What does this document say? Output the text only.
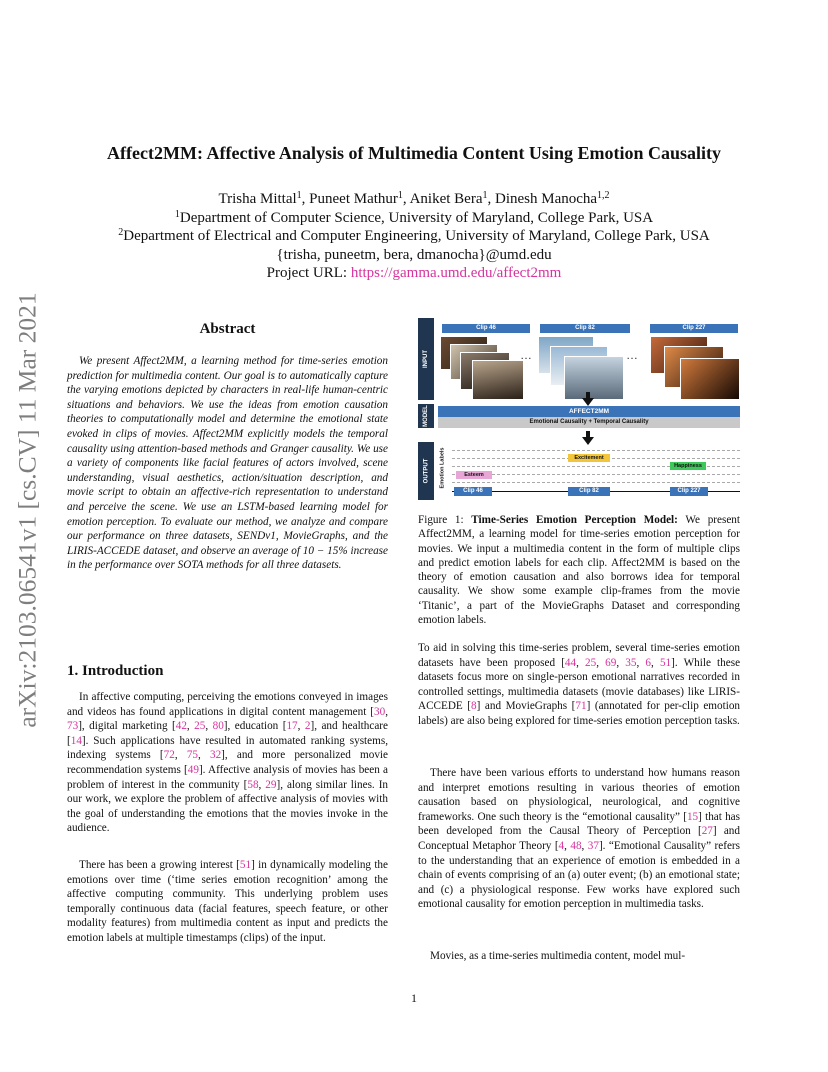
Affect2MM: Affective Analysis of Multimedia Content Using Emotion Causality
Trisha Mittal$^1$, Puneet Mathur$^1$, Aniket Bera$^1$, Dinesh Manocha$^{1,2}$
$^1$Department of Computer Science, University of Maryland, College Park, USA
$^2$Department of Electrical and Computer Engineering, University of Maryland, College Park, USA
{trisha, puneetm, bera, dmanocha}@umd.edu
Project URL: https://gamma.umd.edu/affect2mm
arXiv:2103.06541v1 [cs.CV] 11 Mar 2021	Abstract

We present Affect2MM, a learning method for time-series emotion prediction for multimedia content. Our goal is to automatically capture the varying emotions depicted by characters in real-life human-centric situations and behaviors. We use the ideas from emotion causation theories to computationally model and determine the emotional state evoked in clips of movies. Affect2MM explicitly models the temporal causality using attention-based methods and Granger causality. We use a variety of components like facial features of actors involved, scene understanding, visual aesthetics, action/situation description, and movie script to obtain an affective-rich representation to understand and perceive the scene. We use an LSTM-based learning model for emotion perception. To evaluate our method, we analyze and compare our performance on three datasets, SENDv1, MovieGraphs, and the LIRIS-ACCEDE dataset, and observe an average of 10 − 15% increase in the performance over SOTA methods for all three datasets.

1. Introduction

In affective computing, perceiving the emotions conveyed in images and videos has found applications in digital content management [30, 73], digital marketing [42, 25, 80], education [17, 2], and healthcare [14]. Such applications have resulted in automated ranking systems, indexing systems [72, 75, 32], and more personalized movie recommendation systems [49]. Affective analysis of movies has been a problem of interest in the community [58, 29], along similar lines. In our work, we explore the problem of affective analysis of movies with the goal of understanding the emotions that the movies invoke in the audience.

There has been a growing interest [51] in dynamically modeling the emotions over time (‘time series emotion recognition’ among the affective computing community. This underlying problem uses temporally continuous data (facial features, speech feature, or other modality features) from multimedia content as input and predicts the emotion labels at multiple timestamps (clips) of the input.

INPUT
MODEL
OUTPUT
Clip 46	Clip 82	Clip 227
…	…
AFFECT2MM
Emotional Causality + Temporal Causality
Emotion Labels	Esteem
Excitement
Happiness
Clip 46	Clip 82	Clip 227

Figure 1: Time-Series Emotion Perception Model: We present Affect2MM, a learning model for time-series emotion perception for movies. We input a multimedia content in the form of multiple clips and predict emotion labels for each clip. Affect2MM is based on the theory of emotion causation and also borrows idea for temporal causality. We show some example clip-frames from the movie ‘Titanic’, a part of the MovieGraphs Dataset and corresponding emotion labels.

To aid in solving this time-series problem, several time-series emotion datasets have been proposed [44, 25, 69, 35, 6, 51]. While these datasets focus more on single-person emotional narratives recorded in controlled settings, multimedia datasets (movie databases) like LIRIS-ACCEDE [8] and MovieGraphs [71] (annotated for per-clip emotion labels) are also being explored for time-series emotion perception tasks.

There have been various efforts to understand how humans reason and interpret emotions resulting in various theories of emotion causation based on physiological, neurological, and cognitive frameworks. One such theory is the “emotional causality” [15] that has been developed from the Causal Theory of Perception [27] and Conceptual Metaphor Theory [4, 48, 37]. “Emotional Causality” refers to the understanding that an experience of emotion is embedded in a chain of events comprising of an (a) outer event; (b) an emotional state; and (c) a physiological response. Few works have explored such emotional causality for emotion perception in multimedia tasks.

Movies, as a time-series multimedia content, model mul-

1
